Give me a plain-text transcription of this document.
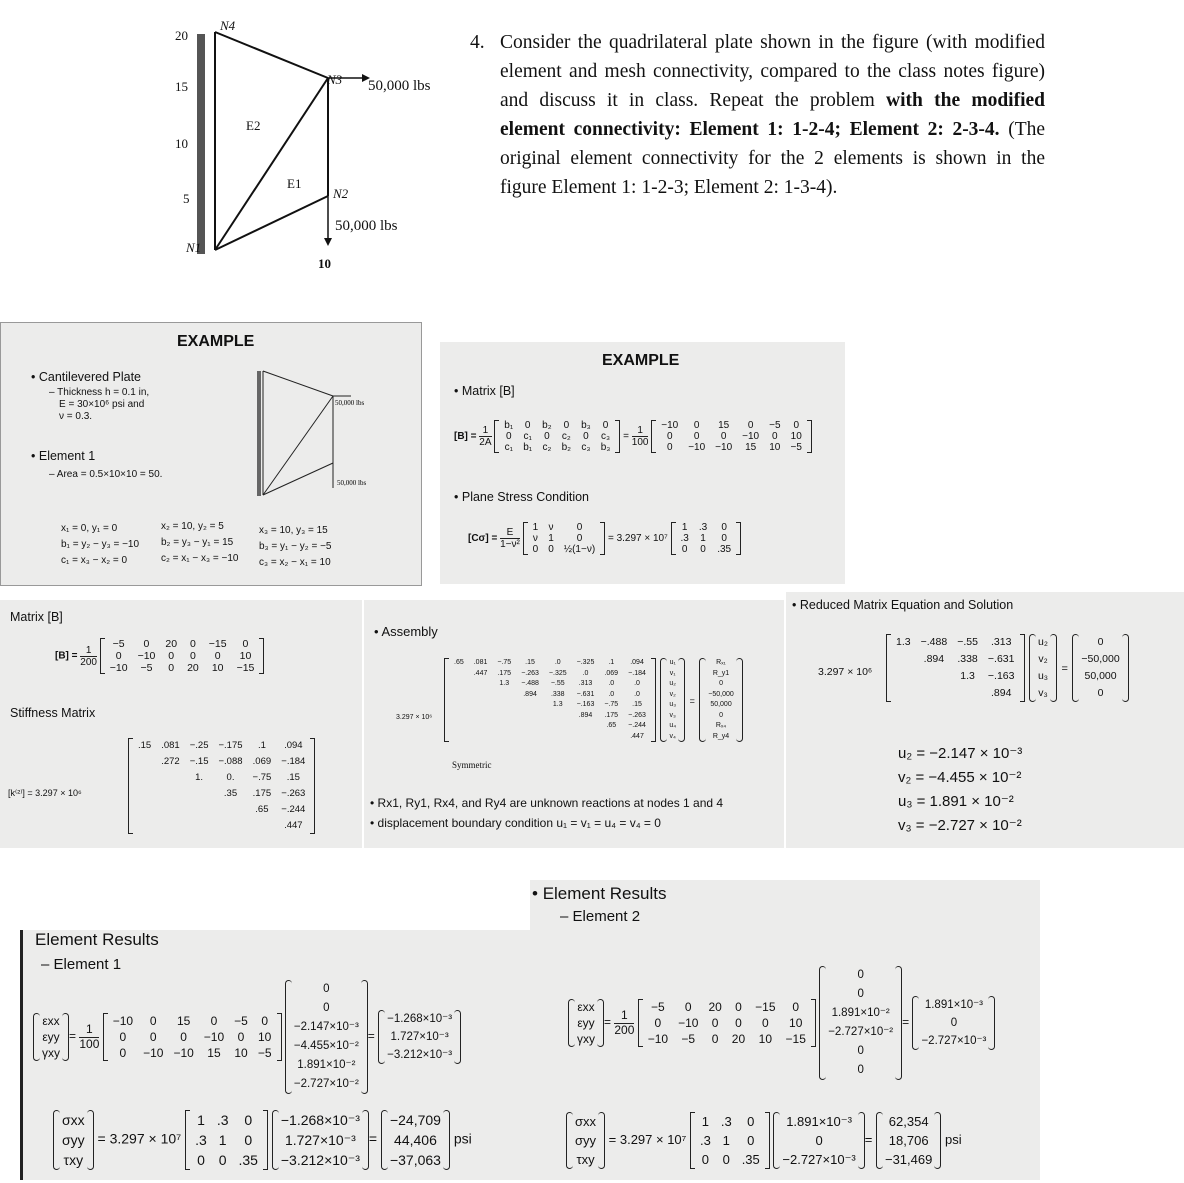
20
15
10
5
10
N1
N2
N3
N4
E1
E2
50,000 lbs
50,000 lbs
4. Consider the quadrilateral plate shown in the figure (with modified element and mesh connectivity, compared to the class notes figure) and discuss it in class. Repeat the problem with the modified element connectivity: Element 1: 1-2-4; Element 2: 2-3-4. (The original element connectivity for the 2 elements is shown in the figure Element 1: 1-2-3; Element 2: 1-3-4).
EXAMPLE
• Cantilevered Plate
– Thickness h = 0.1 in,
E = 30×10⁶ psi and
ν = 0.3.
• Element 1
– Area = 0.5×10×10 = 50.
50,000 lbs
50,000 lbs
x₁ = 0, y₁ = 0
b₁ = y₂ − y₃ = −10
c₁ = x₃ − x₂ = 0
x₂ = 10, y₂ = 5
b₂ = y₃ − y₁ = 15
c₂ = x₁ − x₃ = −10
x₃ = 10, y₃ = 15
b₃ = y₁ − y₂ = −5
c₃ = x₂ − x₁ = 10
EXAMPLE
• Matrix [B]
$[B] = \frac{1}{2A}$
b₁	0	b₂	0	b₃	0
0	c₁	0	c₂	0	c₃
c₁	b₁	c₂	b₂	c₃	b₃
= $\frac{1}{100}$
−10	0	15	0	−5	0
0	0	0	−10	0	10
0	−10	−10	15	10	−5
• Plane Stress Condition
$[C\sigma] = \frac{E}{\text{1−ν²}}$
1	ν	0
ν	1	0
0	0	½(1−ν)
= 3.297 × 10⁷
1	.3	0
.3	1	0
0	0	.35
Matrix [B]
$[B] = \frac{1}{200}$

−5	0	20	0	−15	0
0	−10	0	0	0	10
−10	−5	0	20	10	−15
Stiffness Matrix
[k⁽²⁾] = 3.297 × 10⁶
.15	.081	−.25	−.175	.1	.094
	.272	−.15	−.088	.069	−.184
		1.	0.	−.75	.15
			.35	.175	−.263
				.65	−.244
					.447
• Assembly
3.297 × 10⁶
.65	.081	−.75	.15	.0	−.325	.1	.094
	.447	.175	−.263	−.325	.0	.069	−.184
		1.3	−.488	−.55	.313	.0	.0
			.894	.338	−.631	.0	.0
				1.3	−.163	−.75	.15
					.894	.175	−.263
						.65	−.244
							.447

u₁
v₁
u₂
v₂
u₃
v₃
u₄
v₄
=
Rₓ₁
R_y1
0
−50,000
50,000
0
Rₓ₄
R_y4
Symmetric
• Rx1, Ry1, Rx4, and Ry4 are unknown reactions at nodes 1 and 4
• displacement boundary condition u₁ = v₁ = u₄ = v₄ = 0
• Reduced Matrix Equation and Solution
3.297 × 10⁶
1.3	−.488	−.55	.313
	.894	.338	−.631
		1.3	−.163
			.894

u₂
v₂
u₃
v₃
=
0
−50,000
50,000
0
u₂ = −2.147 × 10⁻³
v₂ = −4.455 × 10⁻²
u₃ = 1.891 × 10⁻²
v₃ = −2.727 × 10⁻²
Element Results
– Element 1
εxx
εyy
γxy
= $\frac{1}{100}$

−10	0	15	0	−5	0
0	0	0	−10	0	10
0	−10	−10	15	10	−5

0
0
−2.147×10⁻³
−4.455×10⁻²
1.891×10⁻²
−2.727×10⁻²
=
−1.268×10⁻³
1.727×10⁻³
−3.212×10⁻³
σxx
σyy
τxy
= 3.297 × 10⁷
1	.3	0
.3	1	0
0	0	.35

−1.268×10⁻³
1.727×10⁻³
−3.212×10⁻³
=
−24,709
44,406
−37,063
psi
• Element Results
– Element 2
εxx
εyy
γxy
= $\frac{1}{200}$

−5	0	20	0	−15	0
0	−10	0	0	0	10
−10	−5	0	20	10	−15

0
0
1.891×10⁻²
−2.727×10⁻²
0
0
=
1.891×10⁻³
0
−2.727×10⁻³
σxx
σyy
τxy
= 3.297 × 10⁷
1	.3	0
.3	1	0
0	0	.35

1.891×10⁻³
0
−2.727×10⁻³
=
62,354
18,706
−31,469
psi
